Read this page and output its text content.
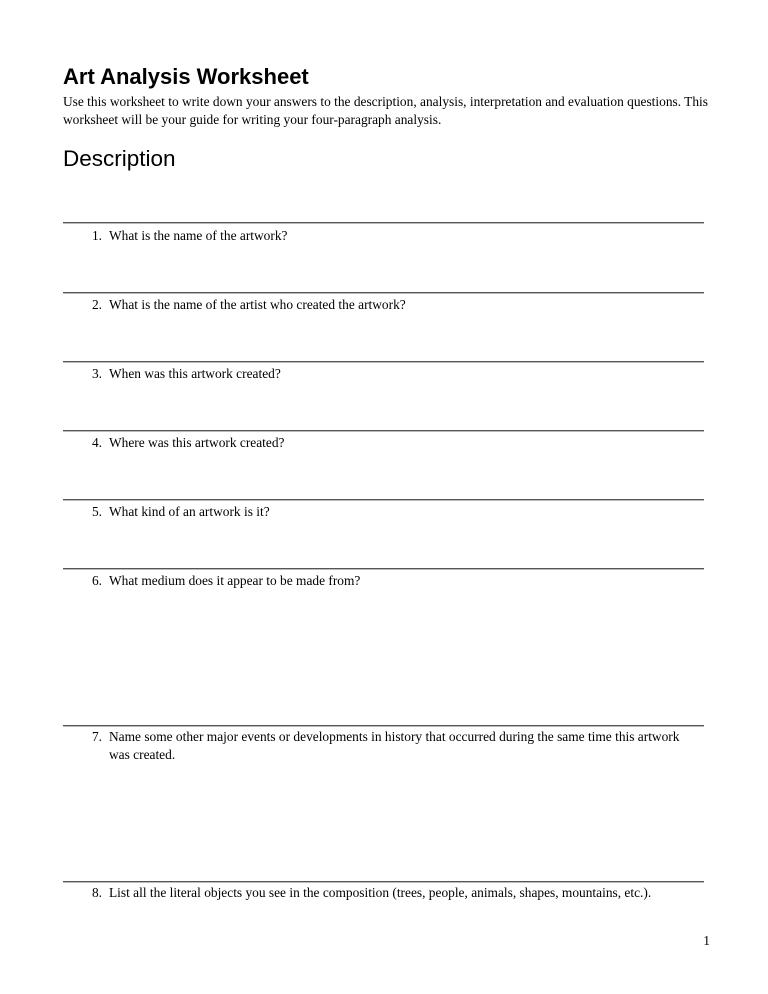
Art Analysis Worksheet

Use this worksheet to write down your answers to the description, analysis, interpretation and evaluation questions. This worksheet will be your guide for writing your four-paragraph analysis.

Description
1. What is the name of the artwork?
2. What is the name of the artist who created the artwork?
3. When was this artwork created?
4. Where was this artwork created?
5. What kind of an artwork is it?
6. What medium does it appear to be made from?
7. Name some other major events or developments in history that occurred during the same time this artwork was created.
8. List all the literal objects you see in the composition (trees, people, animals, shapes, mountains, etc.).
1
